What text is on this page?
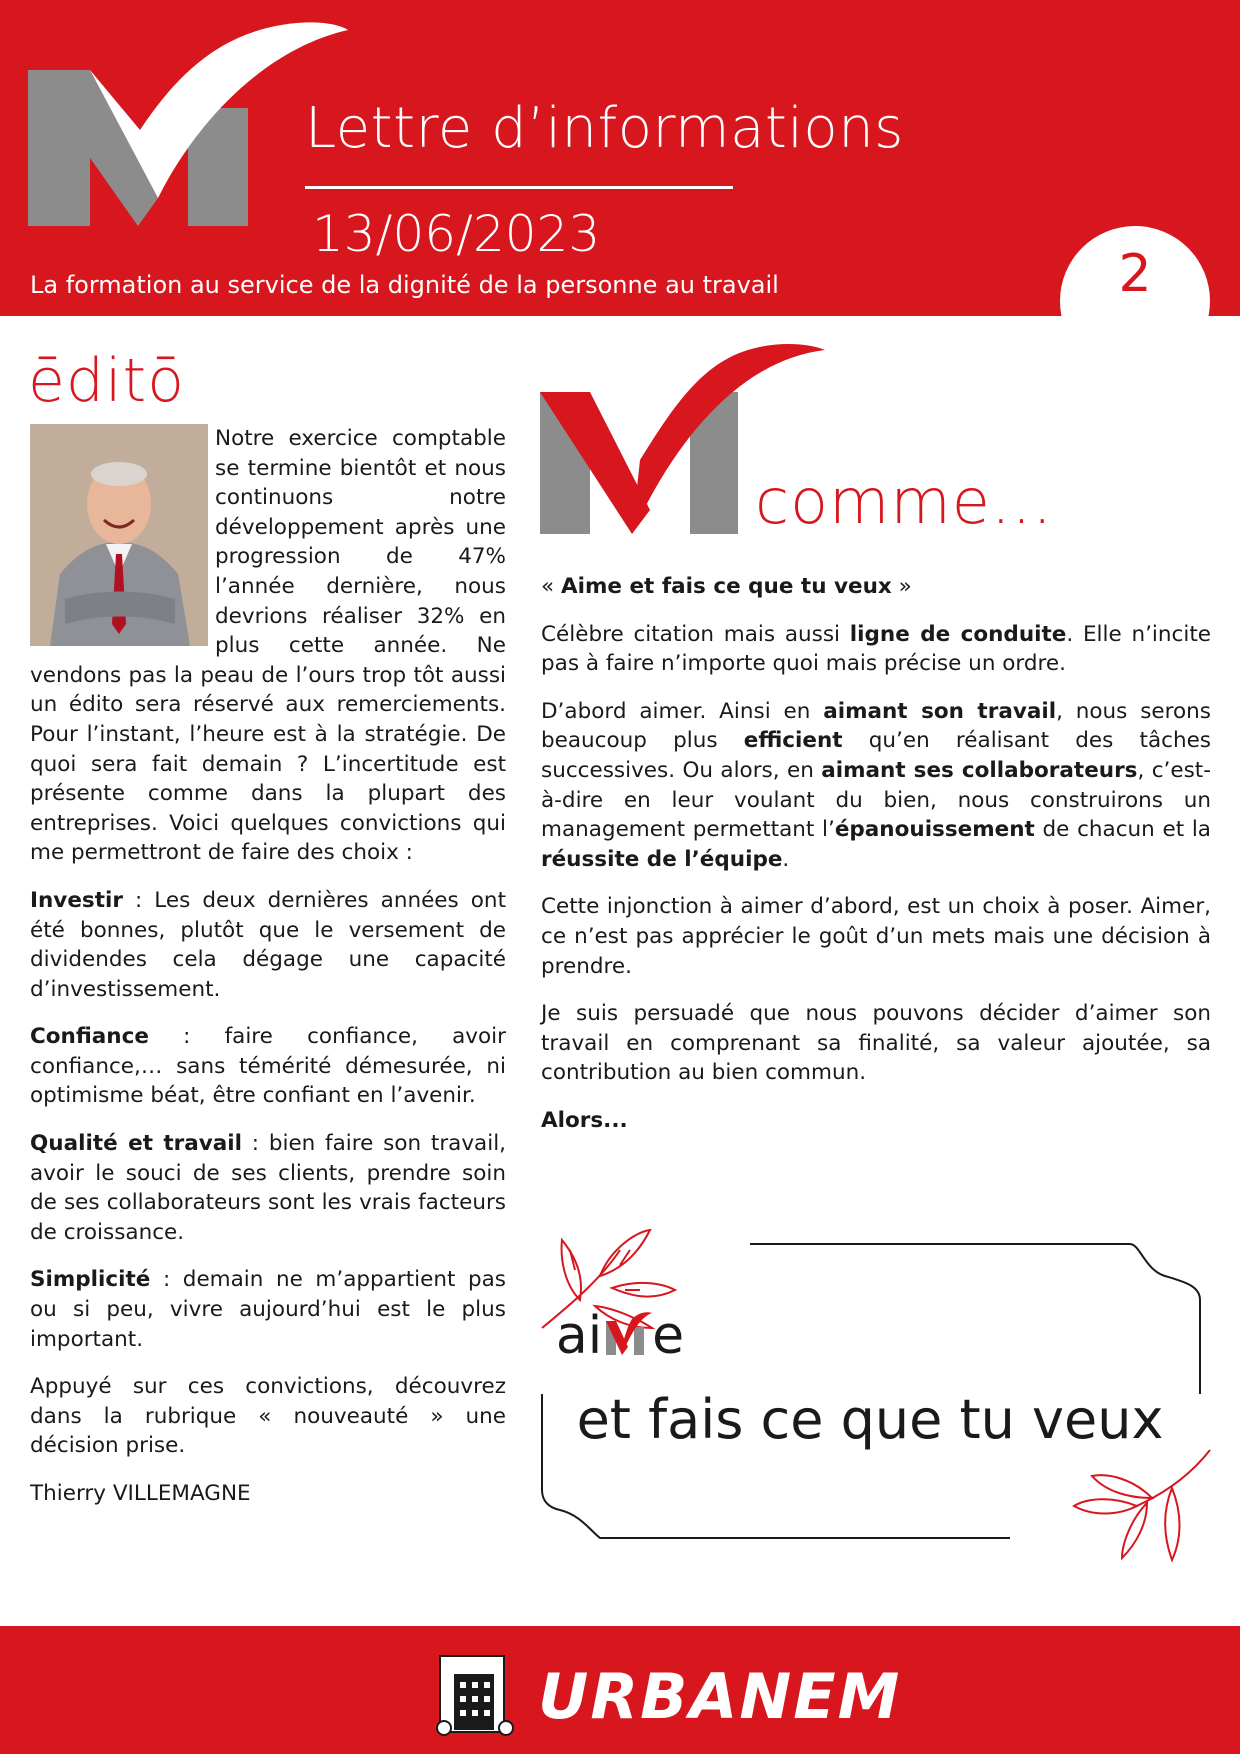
Lettre d’informations
13/06/2023
La formation au service de la dignité de la personne au travail	2
ēditō

Notre exercice comptable se termine bientôt et nous continuons notre développement après une progression de 47% l’année dernière, nous devrions réaliser 32% en plus cette année. Ne vendons pas la peau de l’ours trop tôt aussi un édito sera réservé aux remerciements. Pour l’instant, l’heure est à la stratégie. De quoi sera fait demain ? L’incertitude est présente comme dans la plupart des entreprises. Voici quelques convictions qui me permettront de faire des choix :

Investir : Les deux dernières années ont été bonnes, plutôt que le versement de dividendes cela dégage une capacité d’investissement.

Confiance : faire confiance, avoir confiance,… sans témérité démesurée, ni optimisme béat, être confiant en l’avenir.

Qualité et travail : bien faire son travail, avoir le souci de ses clients, prendre soin de ses collaborateurs sont les vrais facteurs de croissance.

Simplicité : demain ne m’appartient pas ou si peu, vivre aujourd’hui est le plus important.

Appuyé sur ces convictions, découvrez dans la rubrique « nouveauté » une décision prise.

Thierry VILLEMAGNE

comme...

« Aime et fais ce que tu veux »

Célèbre citation mais aussi ligne de conduite. Elle n’incite pas à faire n’importe quoi mais précise un ordre.

D’abord aimer. Ainsi en aimant son travail, nous serons beaucoup plus efficient qu’en réalisant des tâches successives. Ou alors, en aimant ses collaborateurs, c’est-à-dire en leur voulant du bien, nous construirons un management permettant l’épanouissement de chacun et la réussite de l’équipe.

Cette injonction à aimer d’abord, est un choix à poser. Aimer, ce n’est pas apprécier le goût d’un mets mais une décision à prendre.

Je suis persuadé que nous pouvons décider d’aimer son travail en comprenant sa finalité, sa valeur ajoutée, sa contribution au bien commun.

Alors...

ai e
et fais ce que tu veux
URBANEM
